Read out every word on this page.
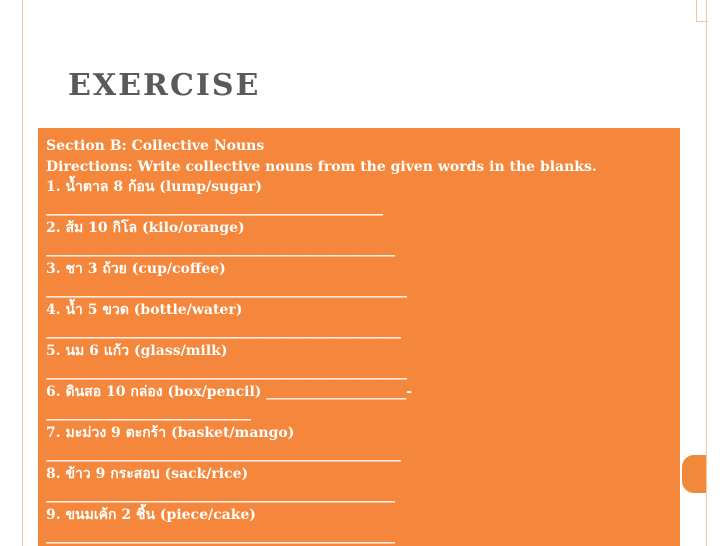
EXERCISE
Section B: Collective Nouns
Directions: Write collective nouns from the given words in the blanks.
1. น้ำตาล 8 ก้อน (lump/sugar)
________________________________________________________
2. ส้ม 10 กิโล (kilo/orange)
__________________________________________________________
3. ชา 3 ถ้วย (cup/coffee)
____________________________________________________________
4. น้ำ 5 ขวด (bottle/water)
___________________________________________________________
5. นม 6 แก้ว (glass/milk)
____________________________________________________________
6. ดินสอ 10 กล่อง (box/pencil) ____________________-
__________________________________
7. มะม่วง 9 ตะกร้า (basket/mango)
___________________________________________________________
8. ข้าว 9 กระสอบ (sack/rice)
__________________________________________________________
9. ขนมเค้ก 2 ชิ้น (piece/cake)
__________________________________________________________
